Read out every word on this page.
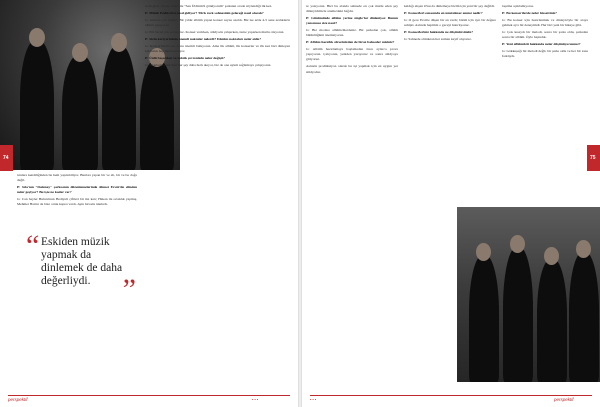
74

tınılara kendiliğinden bu hem yapılabiliyor. Bunları yapan bir ve alt, bir ve bu doğa değil.

P: Sıla'nın "Dolunay" şarkısının düzenlemelerinde Ahmet Ersöz'ün elinden neler geçiyor? Bu işte ne kadar var?

G: Can beyler Bulutu'nun Hediyeli çiftleri bir üst katı; Hakan ile ortaklık yapmış, Mehmet Han'ın da bize ortak kapısı vardı. Aynı havada takılırdı.

“ Eskiden müzik yapmak da dinlemek de daha değerliydi.	”

ncak gıldı. Ocaın onuna ile "Sen Üldürm'ü gönüyorum" şarkının orada söylendiği ilk kez.

P: Müzik Endüstrisi nasıl gidiyor? Türk rock sahnesinin geleceği nasıl olacak?

G: Aslında çok değişti. Bir yıldır albüm yapan konser sayısı azaldı. Biz ise artık 4-5 sene aralıklarla albüm yapıyoruz.

G: Biz bu işi çok seviyoruz. Konser verirken, stüdyoda çalışırken, turne yaparken mutlu oluyoruz.

P: Sizin kariyerinizde önemli noktalar nelerdi? Dönüm noktaları neler oldu?

G: Kariyerimizin her anını önemli buluyoruz. Ama ilk albüm, ilk konserler ve ilk kez bizi dinleyen kalabalık hep akılda kalıyor.

P: Ünlü başarıları ve müzik çevrenizde neler değişti?

G: İstanbul'da müzikal her şey daha hızlı akıyor, biz de ona uyum sağlamaya çalışıyoruz.

perspektif	•••

re yazıyoruz. Bizi bu alanda sahnede en çok mutlu eden şey dinleyicimizle aramızdaki bağdır.

P: Günümüzde albüm yerine single'lar dinleniyor. Bunun yansıması size nasıl?

G: Biz modası albümcülerdeniz. Bir şarkıdan çok, albüm bütünlüğünü önemsiyoruz.

P: Albüm hazırlık sürecinizden de biraz bahseder misiniz?

G: Albüm hazırlamaya başlamadan önce aylarca prova yapıyoruz. Çalıyoruz, yeniden yazıyoruz ve sonra stüdyoya giriyoruz.

Aslında prodüksiyon olarak bu işi yapmak için en uygun yer stüdyodur.

kaldığı alışan O'nu da dinlemeye bizim için yeni bir şey değildi.

P: Konserleri esnasında en unutulmaz anınız nedir?

G: O gece Ersin'e düşen bir an vardı; bizim için ayrı bir değere sahipti. Aslında hepimiz o geceyi hatırlıyoruz.

P: Konserleriniz hakkında ne düşünürsünüz?

G: Sahnede olmaktan her zaman keyif alıyoruz.

laşıtma açıklamıyorsa.

P: Bu konsertlerde neler hissettiniz?

G: Bu konser için hazırlanmak ve dinleyiciyle bir araya gelmek ayrı bir deneyimdi. Her biri yeni bir hikaye gibi.

G: Çok kısaydı bir melodi, sonra bir şarkı oldu, şarkıdan sonra bir albüm. Öyle başladık.

P: Yeni albümüzü hakkında neler düşünüyorsunuz?

G: Gökkuşağı bir melodi değil, bir şarkı oldu ve her bir tonu farklıydı.

perspektif
•••
75
